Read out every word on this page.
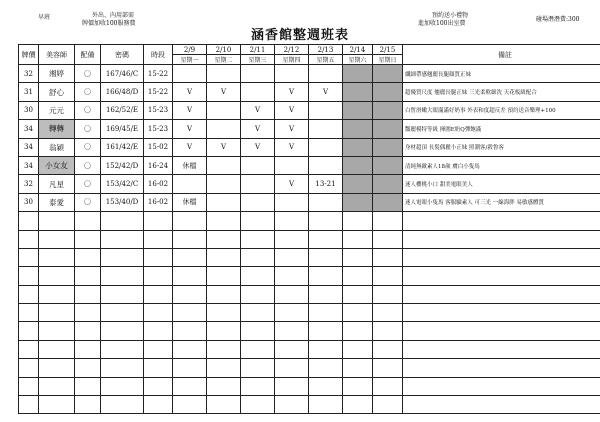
早班	外出、內用部需
牌價加收100服務費
涵香館整週班表
預約送小禮物
進加收100出室費
碰場潛潛費:300
牌價	美容師	配備	密碼	時段	2/9	2/10	2/11	2/12	2/13	2/14	2/15	備註
					星期一	星期二	星期三	星期四	星期五	星期六	星期日	
32	湘婷	〇	167/46/C	15-22								纖細帶感翹麗長腿顏質正妹
31	舒心	〇	166/48/D	15-22	V	V		V	V			超優質尺度 翹麗長腿正妹 三光柔軟細洗 天花板級配合
30	元元	〇	162/52/E	15-23	V		V	V				白皙滑嫩大眼滿滿好奶事 外表和度超反差 預約送音樂理+100
34	轉轉	〇	169/45/E	15-23	V		V	V				豔麗模特等級 揮圍E奶Q彈飽滿
34	翁穎	〇	161/42/E	15-02	V	V	V	V				身材超頂 長髮偶麗小正妹 照潮客/殺鲁客
34	小女友	〇	152/42/D	16-24	休檔							清純無敵素人18歲 膚白小隻馬
32	凡星	〇	153/42/C	16-02				V	13-21			迷人櫻桃小口 甜美電眼美人
30	泰愛	〇	153/40/D	16-02	休檔							迷人電眼小隻馬 客服驗素人 可三光 一線海胖 易敏感體質
